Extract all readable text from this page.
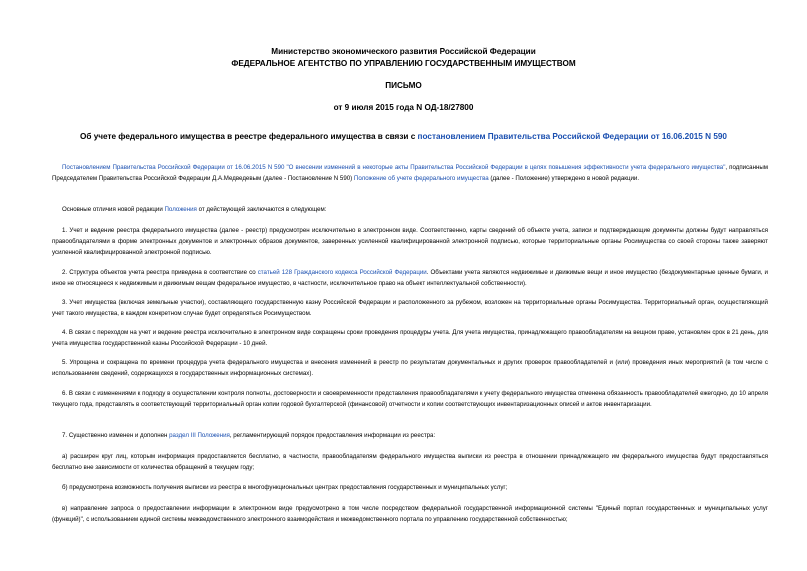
Министерство экономического развития Российской Федерации
ФЕДЕРАЛЬНОЕ АГЕНТСТВО ПО УПРАВЛЕНИЮ ГОСУДАРСТВЕННЫМ ИМУЩЕСТВОМ
ПИСЬМО
от 9 июля 2015 года N ОД-18/27800
Об учете федерального имущества в реестре федерального имущества в связи с постановлением Правительства Российской Федерации от 16.06.2015 N 590

Постановлением Правительства Российской Федерации от 16.06.2015 N 590 "О внесении изменений в некоторые акты Правительства Российской Федерации в целях повышения эффективности учета федерального имущества", подписанным Председателем Правительства Российской Федерации Д.А.Медведевым (далее - Постановление N 590) Положение об учете федерального имущества (далее - Положение) утверждено в новой редакции.

Основные отличия новой редакции Положения от действующей заключаются в следующем:

1. Учет и ведение реестра федерального имущества (далее - реестр) предусмотрен исключительно в электронном виде. Соответственно, карты сведений об объекте учета, записи и подтверждающие документы должны будут направляться правообладателями в форме электронных документов и электронных образов документов, заверенных усиленной квалифицированной электронной подписью, которые территориальные органы Росимущества со своей стороны также заверяют усиленной квалифицированной электронной подписью.

2. Структура объектов учета реестра приведена в соответствие со статьей 128 Гражданского кодекса Российской Федерации. Объектами учета являются недвижимые и движимые вещи и иное имущество (бездокументарные ценные бумаги, и иное не относящееся к недвижимым и движимым вещам федеральное имущество, в частности, исключительное право на объект интеллектуальной собственности).

3. Учет имущества (включая земельные участки), составляющего государственную казну Российской Федерации и расположенного за рубежом, возложен на территориальные органы Росимущества. Территориальный орган, осуществляющий учет такого имущества, в каждом конкретном случае будет определяться Росимуществом.

4. В связи с переходом на учет и ведение реестра исключительно в электронном виде сокращены сроки проведения процедуры учета. Для учета имущества, принадлежащего правообладателям на вещном праве, установлен срок в 21 день, для учета имущества государственной казны Российской Федерации - 10 дней.

5. Упрощена и сокращена по времени процедура учета федерального имущества и внесения изменений в реестр по результатам документальных и других проверок правообладателей и (или) проведения иных мероприятий (в том числе с использованием сведений, содержащихся в государственных информационных системах).

6. В связи с изменениями к подходу в осуществлении контроля полноты, достоверности и своевременности представления правообладателями к учету федерального имущества отменена обязанность правообладателей ежегодно, до 10 апреля текущего года, представлять в соответствующий территориальный орган копии годовой бухгалтерской (финансовой) отчетности и копии соответствующих инвентаризационных описей и актов инвентаризации.

7. Существенно изменен и дополнен раздел III Положения, регламентирующий порядок предоставления информации из реестра:

а) расширен круг лиц, которым информация предоставляется бесплатно, в частности, правообладателям федерального имущества выписки из реестра в отношении принадлежащего им федерального имущества будут предоставляться бесплатно вне зависимости от количества обращений в текущем году;

б) предусмотрена возможность получения выписки из реестра в многофункциональных центрах предоставления государственных и муниципальных услуг;

в) направление запроса о предоставлении информации в электронном виде предусмотрено в том числе посредством федеральной государственной информационной системы "Единый портал государственных и муниципальных услуг (функций)", с использованием единой системы межведомственного электронного взаимодействия и межведомственного портала по управлению государственной собственностью;
